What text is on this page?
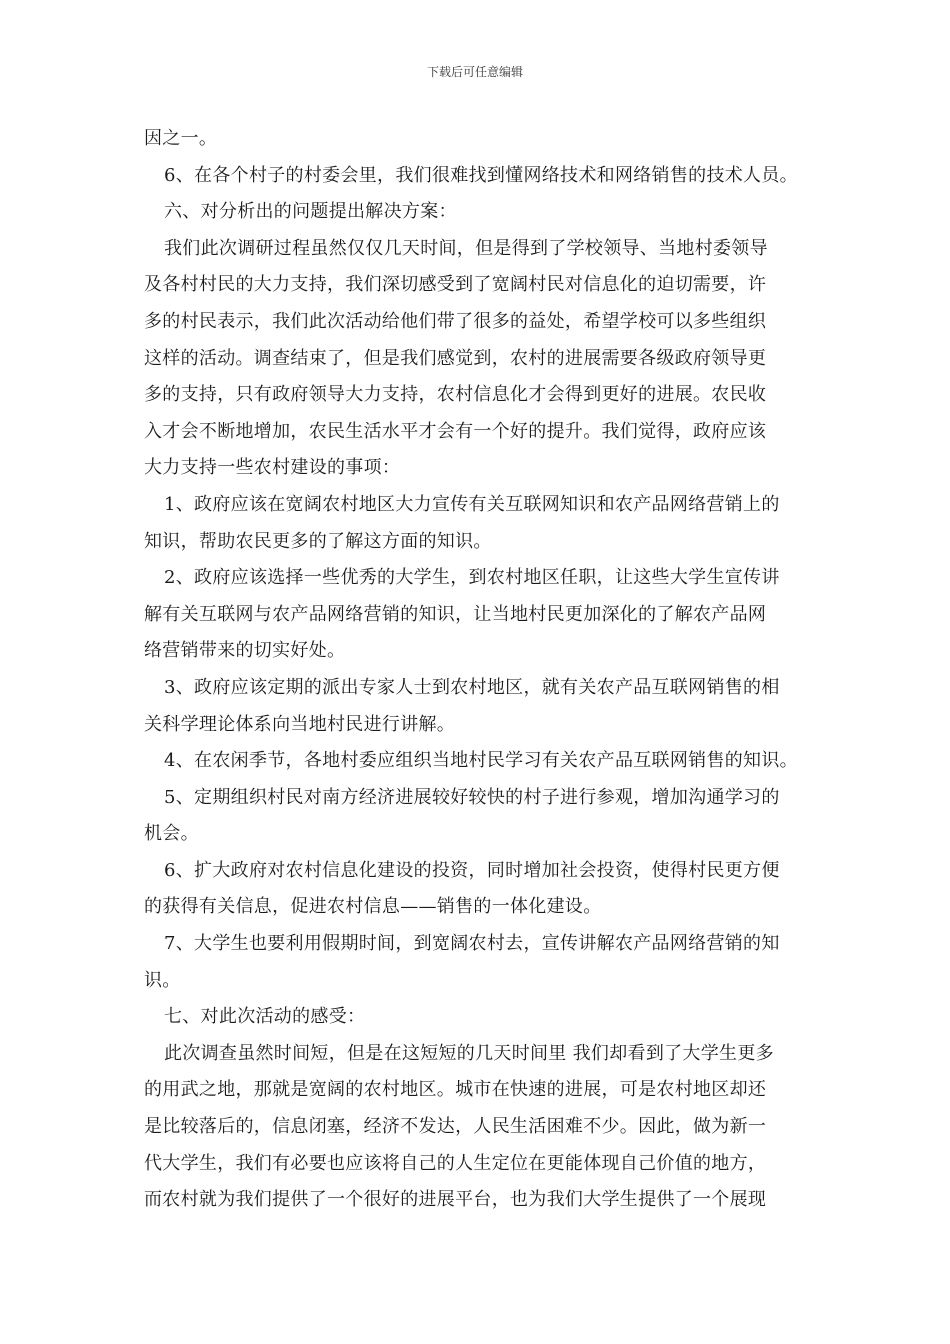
下载后可任意编辑

因之一。

6、在各个村子的村委会里，我们很难找到懂网络技术和网络销售的技术人员。

六、对分析出的问题提出解决方案：

我们此次调研过程虽然仅仅几天时间，但是得到了学校领导、当地村委领导

及各村村民的大力支持，我们深切感受到了宽阔村民对信息化的迫切需要，许

多的村民表示，我们此次活动给他们带了很多的益处，希望学校可以多些组织

这样的活动。调查结束了，但是我们感觉到，农村的进展需要各级政府领导更

多的支持，只有政府领导大力支持，农村信息化才会得到更好的进展。农民收

入才会不断地增加，农民生活水平才会有一个好的提升。我们觉得，政府应该

大力支持一些农村建设的事项：

1、政府应该在宽阔农村地区大力宣传有关互联网知识和农产品网络营销上的

知识，帮助农民更多的了解这方面的知识。

2、政府应该选择一些优秀的大学生，到农村地区任职，让这些大学生宣传讲

解有关互联网与农产品网络营销的知识，让当地村民更加深化的了解农产品网

络营销带来的切实好处。

3、政府应该定期的派出专家人士到农村地区，就有关农产品互联网销售的相

关科学理论体系向当地村民进行讲解。

4、在农闲季节，各地村委应组织当地村民学习有关农产品互联网销售的知识。

5、定期组织村民对南方经济进展较好较快的村子进行参观，增加沟通学习的

机会。

6、扩大政府对农村信息化建设的投资，同时增加社会投资，使得村民更方便

的获得有关信息，促进农村信息——销售的一体化建设。

7、大学生也要利用假期时间，到宽阔农村去，宣传讲解农产品网络营销的知

识。

七、对此次活动的感受：

此次调查虽然时间短，但是在这短短的几天时间里 我们却看到了大学生更多

的用武之地，那就是宽阔的农村地区。城市在快速的进展，可是农村地区却还

是比较落后的，信息闭塞，经济不发达，人民生活困难不少。因此，做为新一

代大学生，我们有必要也应该将自己的人生定位在更能体现自己价值的地方，

而农村就为我们提供了一个很好的进展平台，也为我们大学生提供了一个展现
